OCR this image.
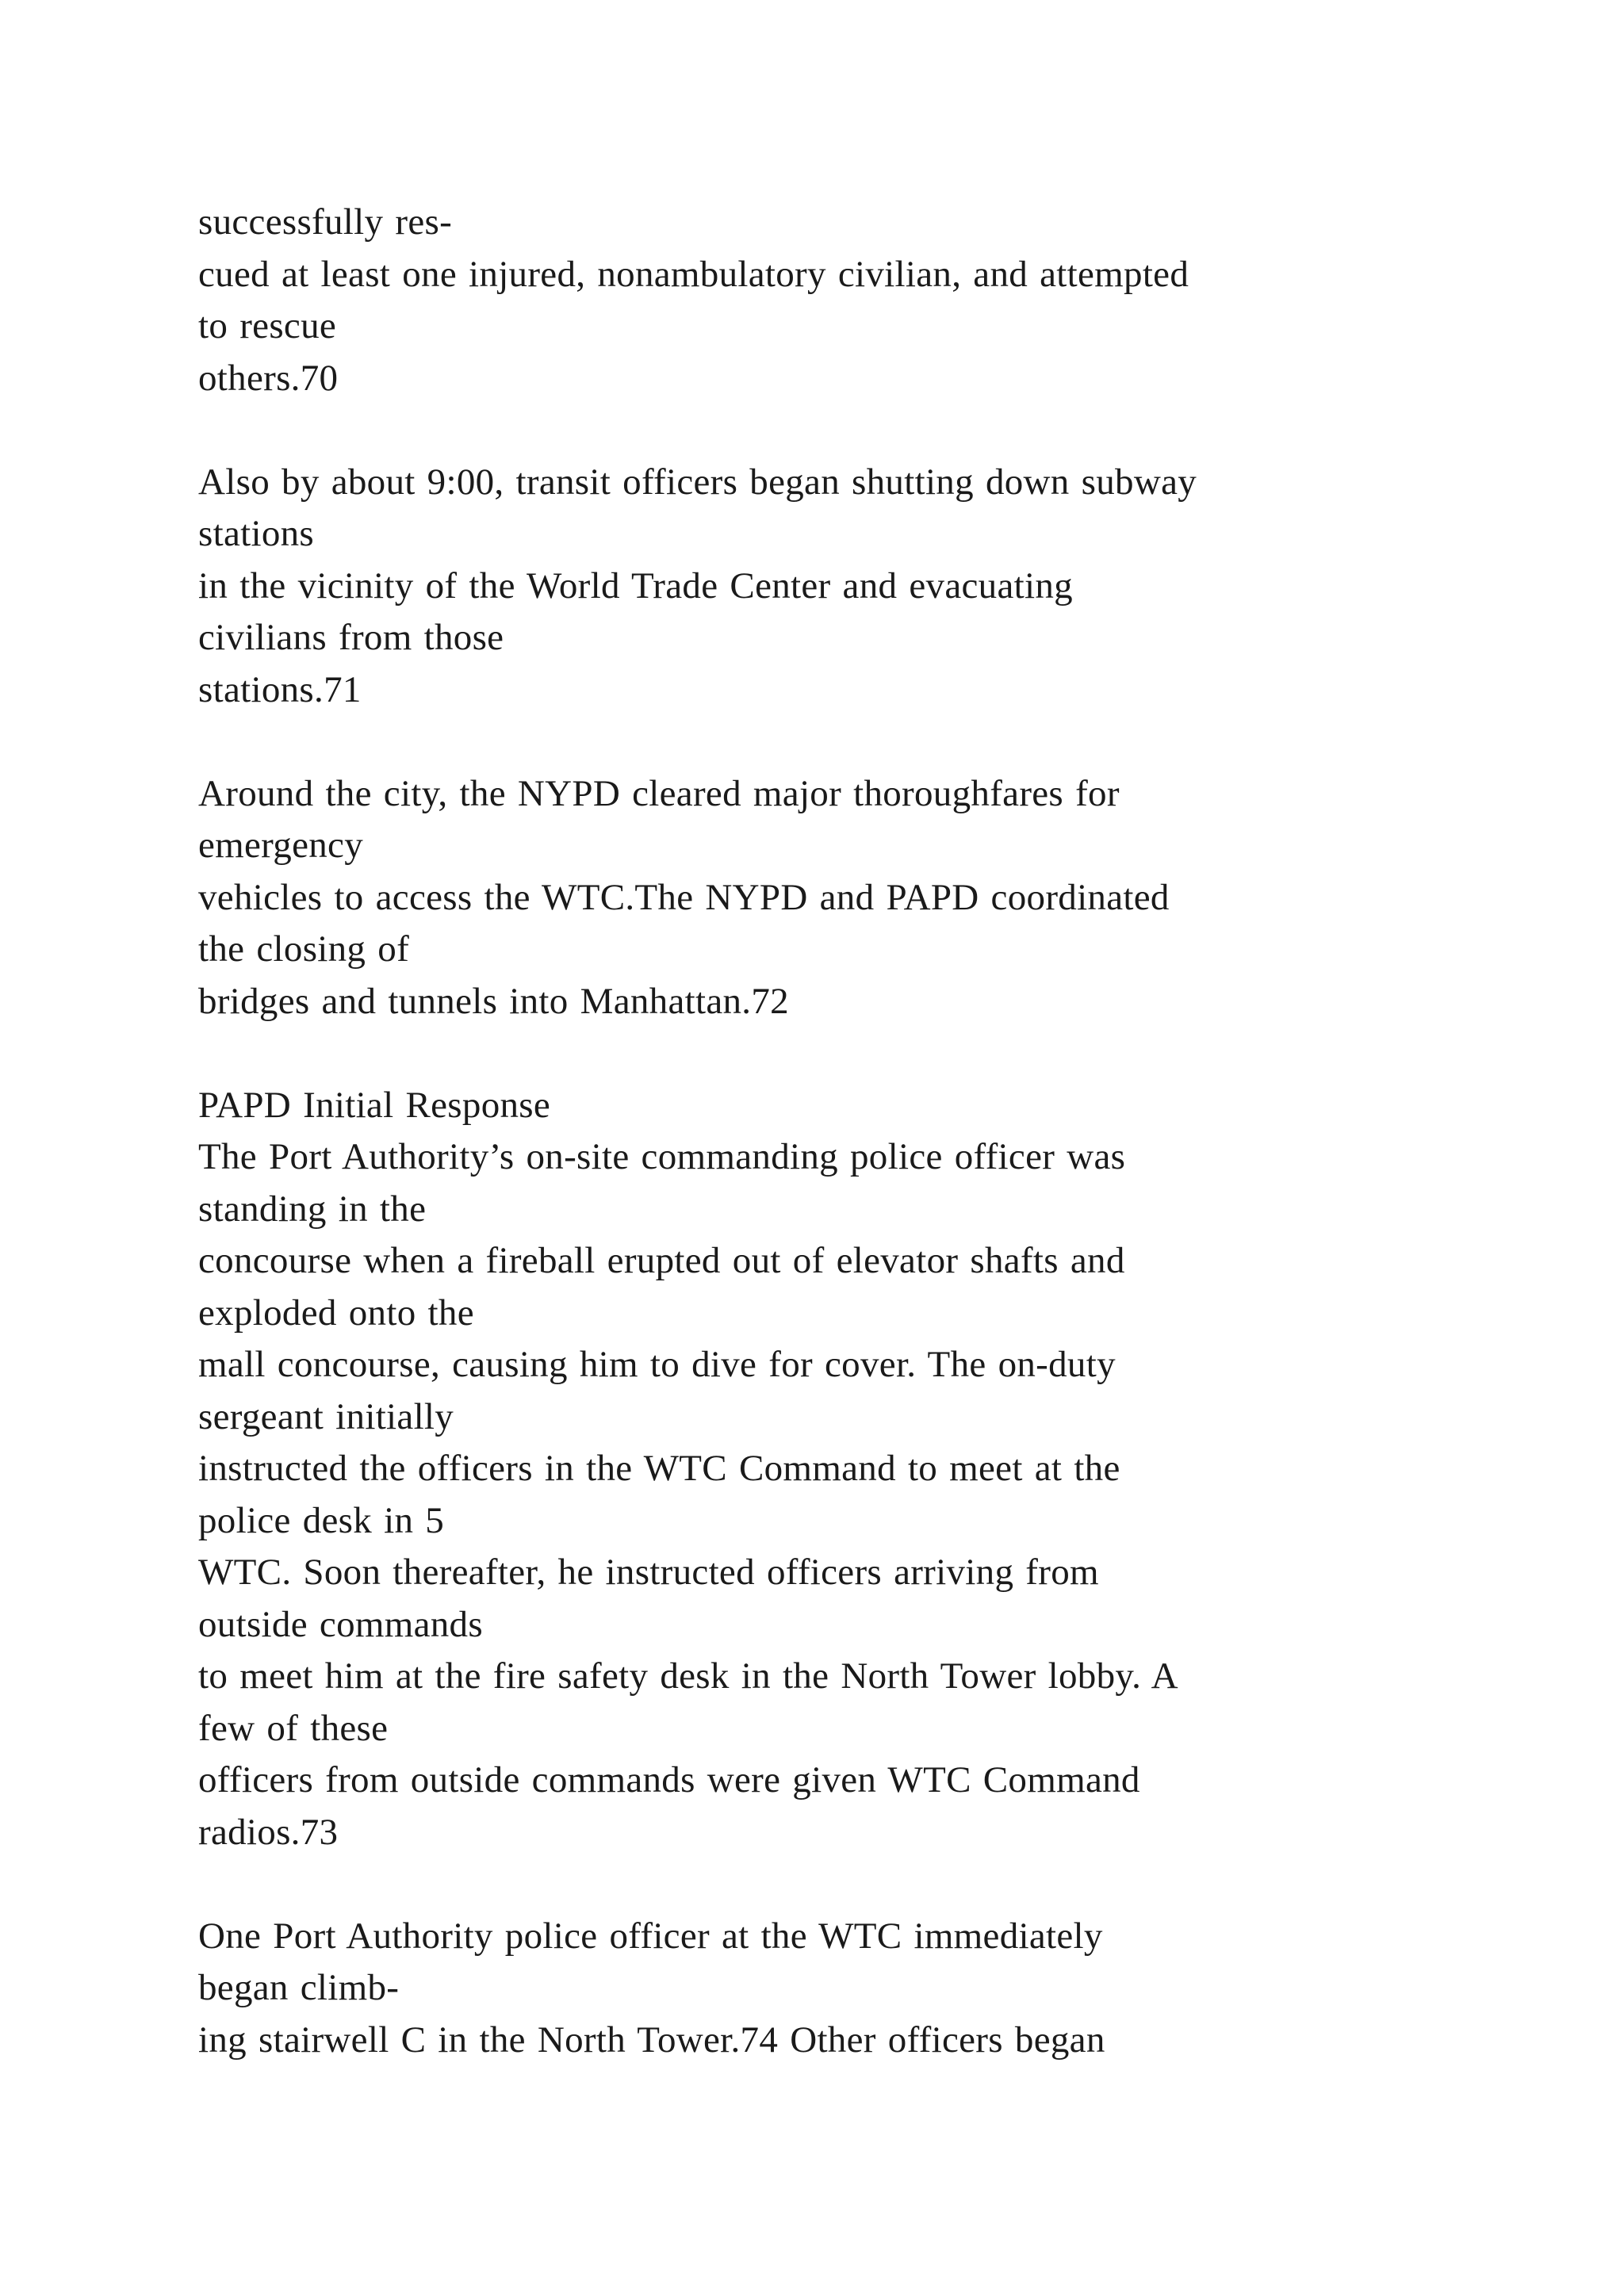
successfully res-
cued at least one injured, nonambulatory civilian, and attempted
to rescue
others.70
Also by about 9:00, transit officers began shutting down subway
stations
in the vicinity of the World Trade Center and evacuating
civilians from those
stations.71
Around the city, the NYPD cleared major thoroughfares for
emergency
vehicles to access the WTC.The NYPD and PAPD coordinated
the closing of
bridges and tunnels into Manhattan.72
PAPD Initial Response
The Port Authority’s on-site commanding police officer was
standing in the
concourse when a fireball erupted out of elevator shafts and
exploded onto the
mall concourse, causing him to dive for cover. The on-duty
sergeant initially
instructed the officers in the WTC Command to meet at the
police desk in 5
WTC. Soon thereafter, he instructed officers arriving from
outside commands
to meet him at the fire safety desk in the North Tower lobby. A
few of these
officers from outside commands were given WTC Command
radios.73
One Port Authority police officer at the WTC immediately
began climb-
ing stairwell C in the North Tower.74 Other officers began
